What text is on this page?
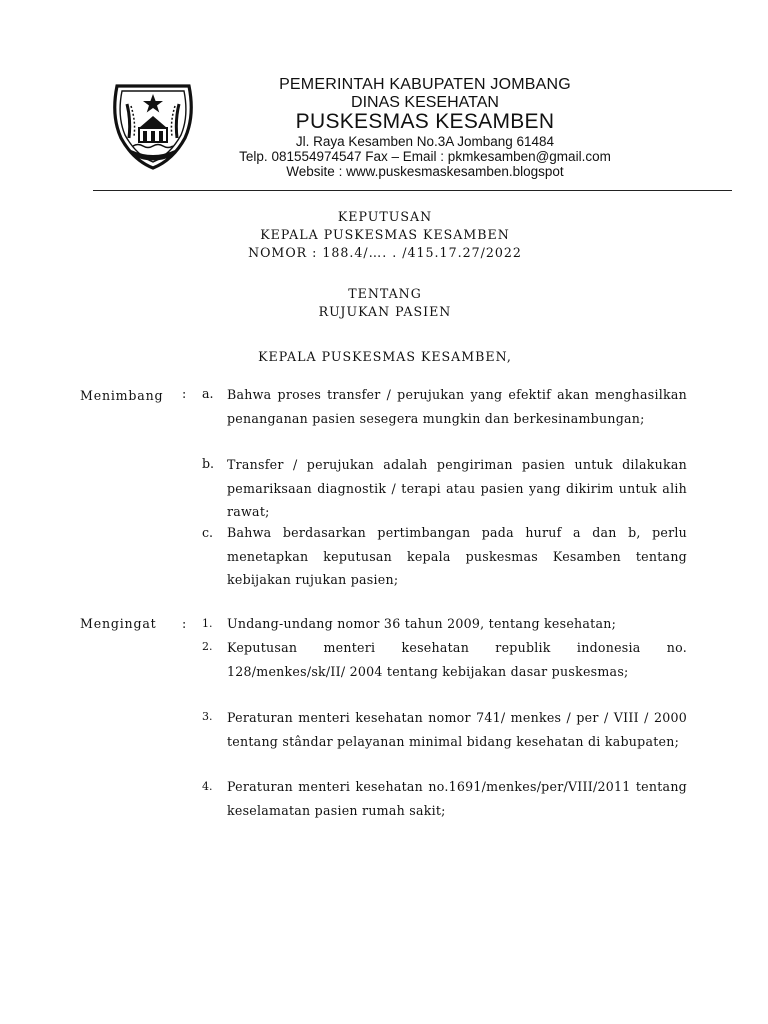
PEMERINTAH KABUPATEN JOMBANG
DINAS KESEHATAN
PUSKESMAS KESAMBEN
Jl. Raya Kesamben No.3A Jombang 61484
Telp. 081554974547 Fax – Email : pkmkesamben@gmail.com
Website : www.puskesmaskesamben.blogspot
KEPUTUSAN
KEPALA PUSKESMAS KESAMBEN
NOMOR : 188.4/…. . /415.17.27/2022
TENTANG
RUJUKAN PASIEN
KEPALA PUSKESMAS KESAMBEN,
Menimbang : a. Bahwa proses transfer / perujukan yang efektif akan menghasilkan penanganan pasien sesegera mungkin dan berkesinambungan;
b. Transfer / perujukan adalah pengiriman pasien untuk dilakukan pemariksaan diagnostik / terapi atau pasien yang dikirim untuk alih rawat;
c. Bahwa berdasarkan pertimbangan pada huruf a dan b, perlu menetapkan keputusan kepala puskesmas Kesamben tentang kebijakan rujukan pasien;
Mengingat	: 1. Undang-undang nomor 36 tahun 2009, tentang kesehatan;
2. Keputusan menteri kesehatan republik indonesia no. 128/menkes/sk/II/ 2004 tentang kebijakan dasar puskesmas;
3. Peraturan menteri kesehatan nomor 741/ menkes / per / VIII / 2000 tentang stândar pelayanan minimal bidang kesehatan di kabupaten;
4. Peraturan menteri kesehatan no.1691/menkes/per/VIII/2011 tentang keselamatan pasien rumah sakit;
